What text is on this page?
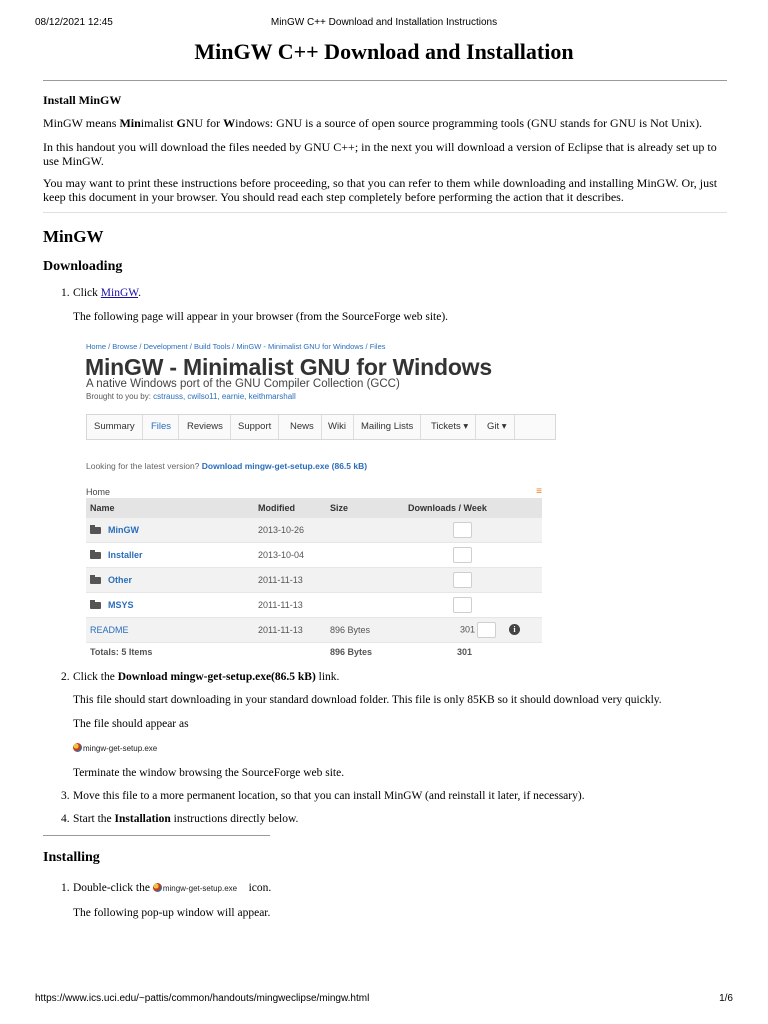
08/12/2021 12:45	MinGW C++ Download and Installation Instructions
MinGW C++ Download and Installation
Install MinGW
MinGW means Minimalist GNU for Windows: GNU is a source of open source programming tools (GNU stands for GNU is Not Unix).
In this handout you will download the files needed by GNU C++; in the next you will download a version of Eclipse that is already set up to use MinGW.
You may want to print these instructions before proceeding, so that you can refer to them while downloading and installing MinGW. Or, just keep this document in your browser. You should read each step completely before performing the action that it describes.
MinGW
Downloading
1. Click MinGW.
The following page will appear in your browser (from the SourceForge web site).
Home / Browse / Development / Build Tools / MinGW - Minimalist GNU for Windows / Files
MinGW - Minimalist GNU for Windows
A native Windows port of the GNU Compiler Collection (GCC)
Brought to you by: cstrauss, cwilso11, earnie, keithmarshall
Summary	Files	Reviews	Support	News	Wiki	Mailing Lists	Tickets ▾	Git ▾
Looking for the latest version? Download mingw-get-setup.exe (86.5 kB)
Home	≡
Name	Modified	Size	Downloads / Week
MinGW	2013-10-26		
Installer	2013-10-04		
Other	2011-11-13		
MSYS	2011-11-13		
README	2011-11-13	896 Bytes	301 i
Totals: 5 Items		896 Bytes	301
2. Click the Download mingw-get-setup.exe(86.5 kB) link.
This file should start downloading in your standard download folder. This file is only 85KB so it should download very quickly.
The file should appear as
mingw-get-setup.exe
Terminate the window browsing the SourceForge web site.
3. Move this file to a more permanent location, so that you can install MinGW (and reinstall it later, if necessary).
4. Start the Installation instructions directly below.
Installing
1. Double-click the mingw-get-setup.exe    icon.
The following pop-up window will appear.
https://www.ics.uci.edu/~pattis/common/handouts/mingweclipse/mingw.html	1/6
